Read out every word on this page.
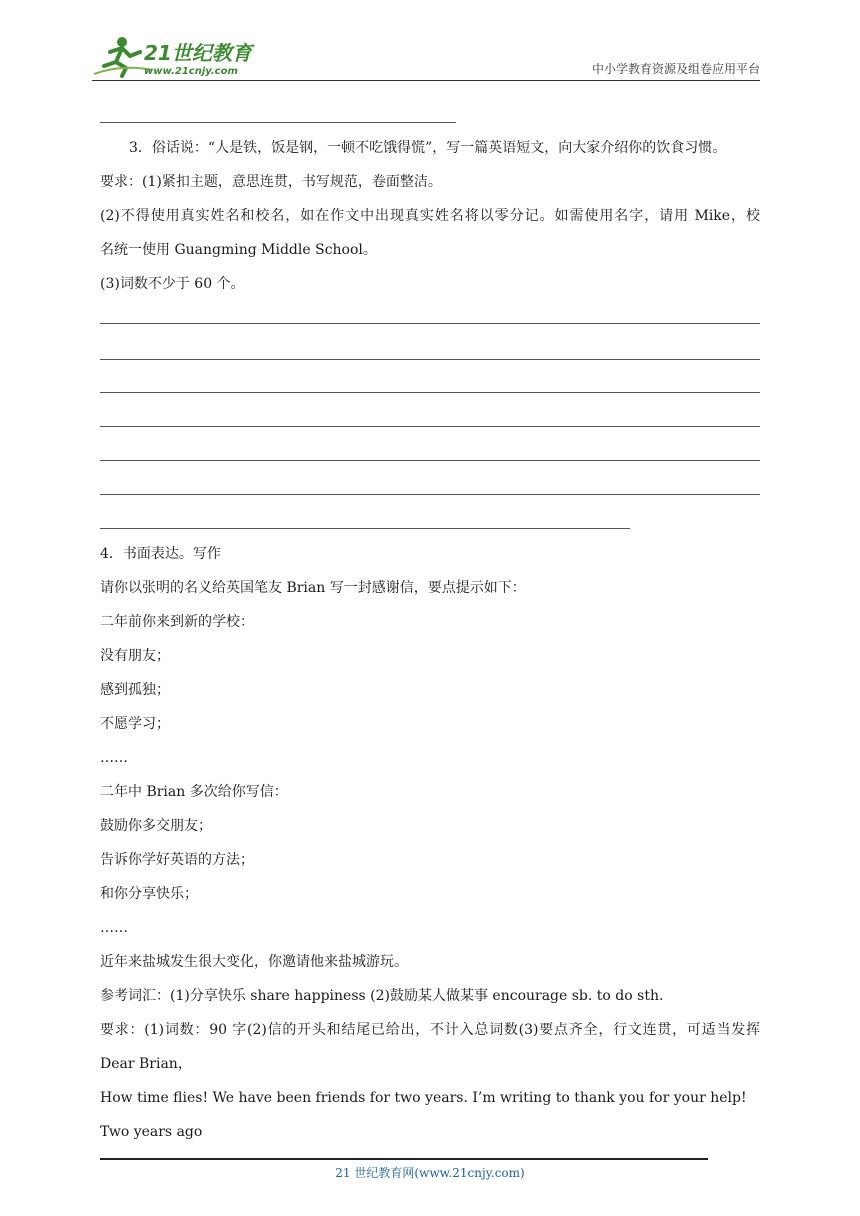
21世纪教育
www.21cnjy.com	中小学教育资源及组卷应用平台
3．俗话说：“人是铁，饭是钢，一顿不吃饿得慌”，写一篇英语短文，向大家介绍你的饮食习惯。
要求：(1)紧扣主题，意思连贯，书写规范，卷面整洁。
(2)不得使用真实姓名和校名，如在作文中出现真实姓名将以零分记。如需使用名字，请用 Mike，校
名统一使用 Guangming Middle School。
(3)词数不少于 60 个。
4．书面表达。写作
请你以张明的名义给英国笔友 Brian 写一封感谢信，要点提示如下：
二年前你来到新的学校：
没有朋友；
感到孤独；
不愿学习；
……
二年中 Brian 多次给你写信：
鼓励你多交朋友；
告诉你学好英语的方法；
和你分享快乐；
……
近年来盐城发生很大变化，你邀请他来盐城游玩。
参考词汇：(1)分享快乐 share happiness (2)鼓励某人做某事 encourage sb. to do sth.
要求：(1)词数：90 字(2)信的开头和结尾已给出，不计入总词数(3)要点齐全，行文连贯，可适当发挥
Dear Brian，
How time flies! We have been friends for two years. I’m writing to thank you for your help!
Two years ago
21 世纪教育网(www.21cnjy.com)
